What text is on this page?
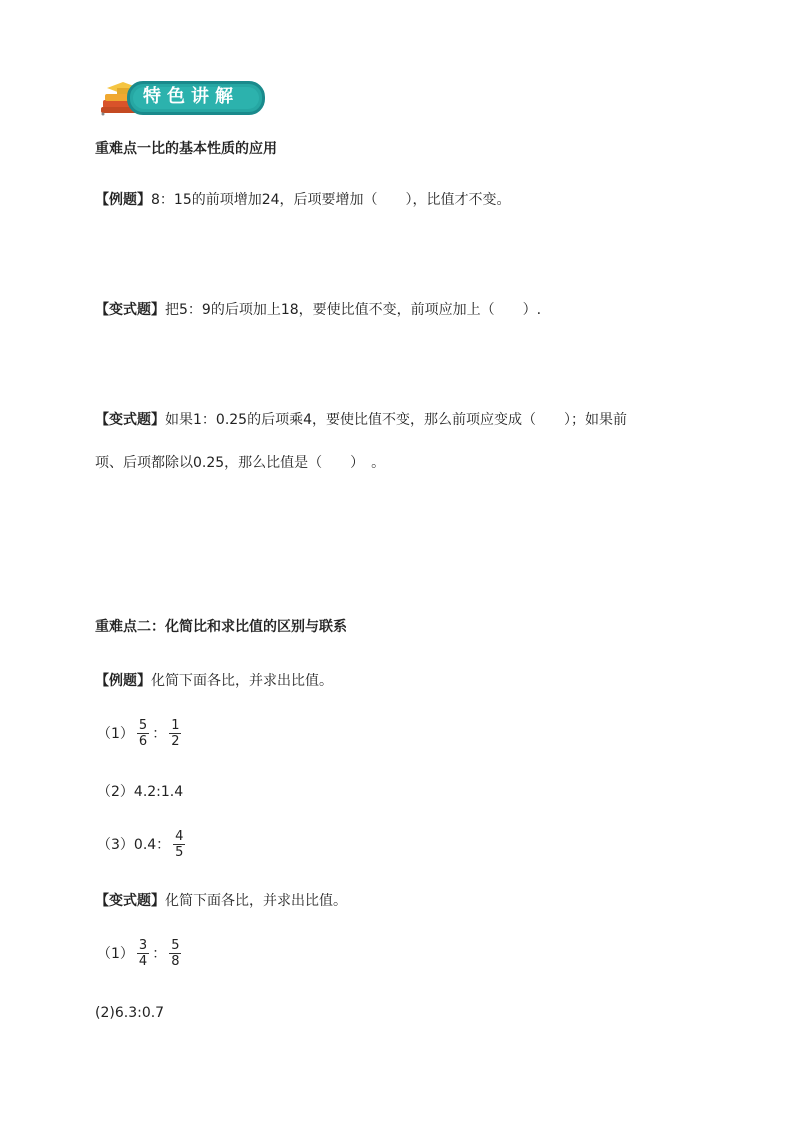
特色讲解
重难点一比的基本性质的应用
【例题】8：15的前项增加24，后项要增加（　　），比值才不变。
【变式题】把5：9的后项加上18，要使比值不变，前项应加上（　　）.
【变式题】如果1：0.25的后项乘4，要使比值不变，那么前项应变成（　　）；如果前
项、后项都除以0.25，那么比值是（　　）　。
重难点二：化简比和求比值的区别与联系
【例题】化简下面各比，并求出比值。
$(1) \frac{5}{6}$ ： $\frac{1}{2}$
（2）4.2:1.4
（3）0.4： $\frac{4}{5}$
【变式题】化简下面各比，并求出比值。
$(1) \frac{3}{4}$ ： $\frac{5}{8}$
(2)6.3:0.7
